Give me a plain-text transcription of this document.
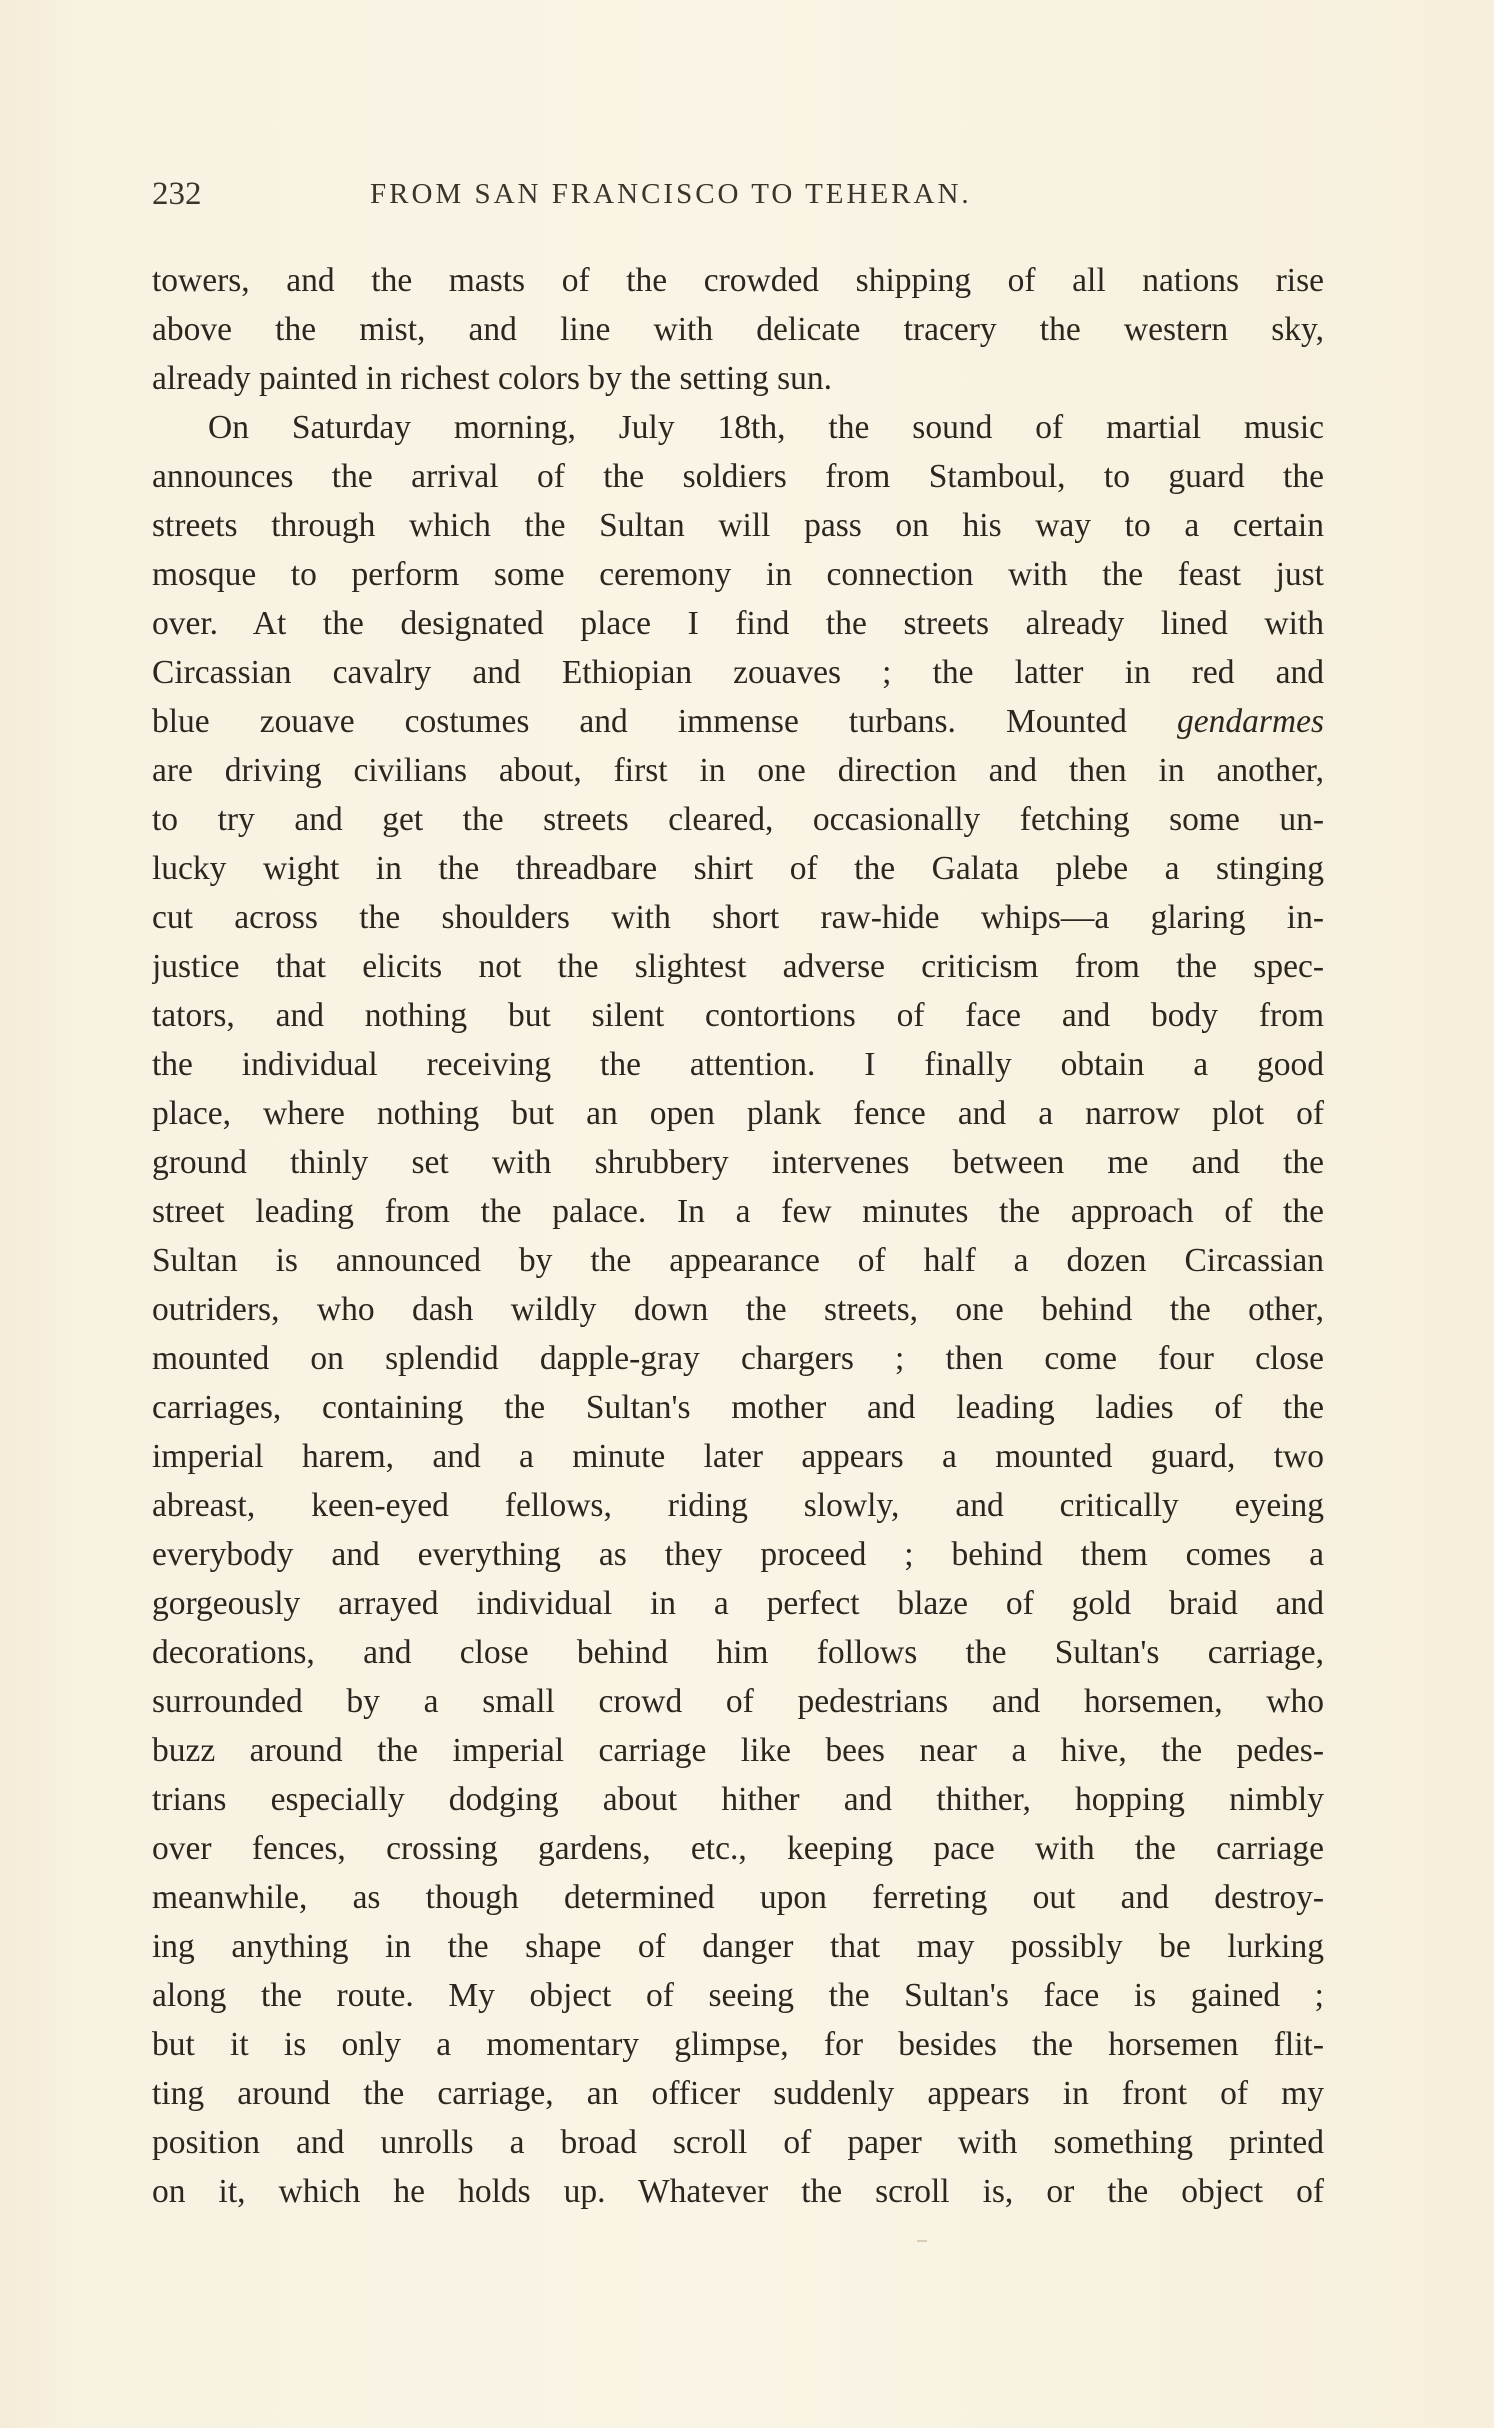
232	FROM SAN FRANCISCO TO TEHERAN.
towers, and the masts of the crowded shipping of all nations rise
above the mist, and line with delicate tracery the western sky,
already painted in richest colors by the setting sun.
On Saturday morning, July 18th, the sound of martial music
announces the arrival of the soldiers from Stamboul, to guard the
streets through which the Sultan will pass on his way to a certain
mosque to perform some ceremony in connection with the feast just
over. At the designated place I find the streets already lined with
Circassian cavalry and Ethiopian zouaves ; the latter in red and
blue zouave costumes and immense turbans. Mounted gendarmes
are driving civilians about, first in one direction and then in another,
to try and get the streets cleared, occasionally fetching some un-
lucky wight in the threadbare shirt of the Galata plebe a stinging
cut across the shoulders with short raw-hide whips—a glaring in-
justice that elicits not the slightest adverse criticism from the spec-
tators, and nothing but silent contortions of face and body from
the individual receiving the attention. I finally obtain a good
place, where nothing but an open plank fence and a narrow plot of
ground thinly set with shrubbery intervenes between me and the
street leading from the palace. In a few minutes the approach of the
Sultan is announced by the appearance of half a dozen Circassian
outriders, who dash wildly down the streets, one behind the other,
mounted on splendid dapple-gray chargers ; then come four close
carriages, containing the Sultan's mother and leading ladies of the
imperial harem, and a minute later appears a mounted guard, two
abreast, keen-eyed fellows, riding slowly, and critically eyeing
everybody and everything as they proceed ; behind them comes a
gorgeously arrayed individual in a perfect blaze of gold braid and
decorations, and close behind him follows the Sultan's carriage,
surrounded by a small crowd of pedestrians and horsemen, who
buzz around the imperial carriage like bees near a hive, the pedes-
trians especially dodging about hither and thither, hopping nimbly
over fences, crossing gardens, etc., keeping pace with the carriage
meanwhile, as though determined upon ferreting out and destroy-
ing anything in the shape of danger that may possibly be lurking
along the route. My object of seeing the Sultan's face is gained ;
but it is only a momentary glimpse, for besides the horsemen flit-
ting around the carriage, an officer suddenly appears in front of my
position and unrolls a broad scroll of paper with something printed
on it, which he holds up. Whatever the scroll is, or the object of
